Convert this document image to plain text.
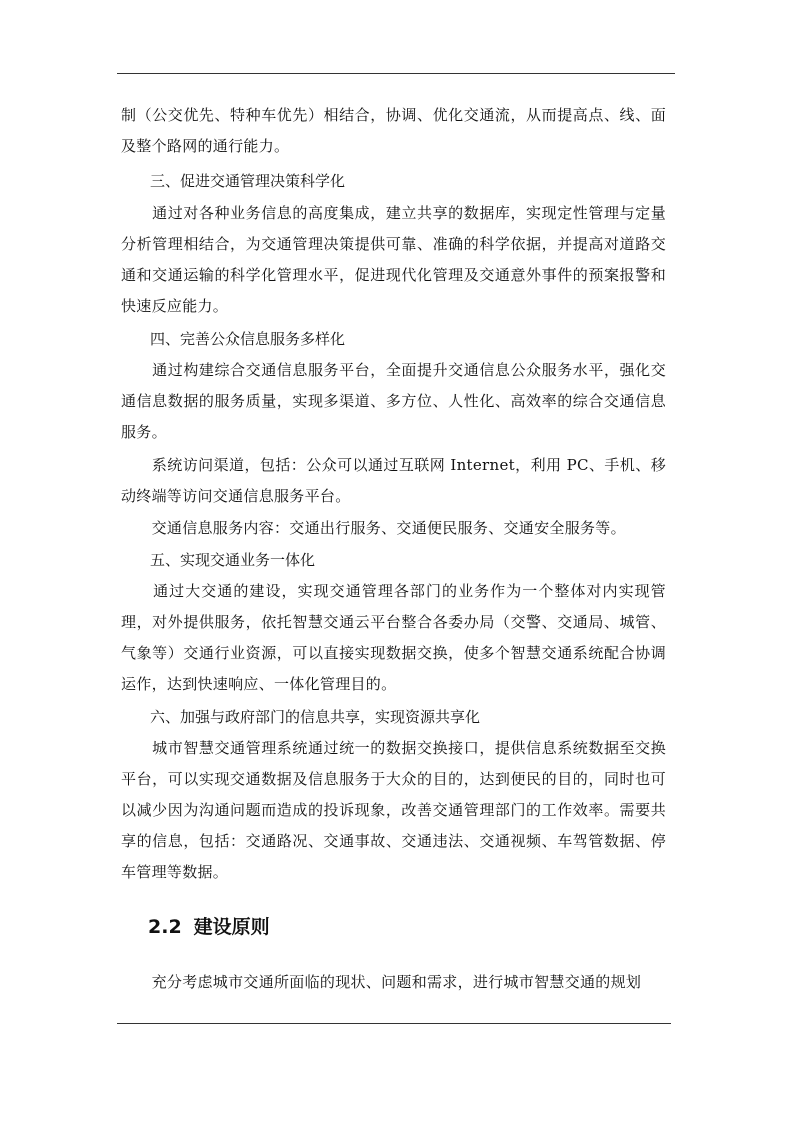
制（公交优先、特种车优先）相结合，协调、优化交通流，从而提高点、线、面及整个路网的通行能力。

三、促进交通管理决策科学化

　　通过对各种业务信息的高度集成，建立共享的数据库，实现定性管理与定量分析管理相结合，为交通管理决策提供可靠、准确的科学依据，并提高对道路交通和交通运输的科学化管理水平，促进现代化管理及交通意外事件的预案报警和快速反应能力。

四、完善公众信息服务多样化

　　通过构建综合交通信息服务平台，全面提升交通信息公众服务水平，强化交通信息数据的服务质量，实现多渠道、多方位、人性化、高效率的综合交通信息服务。

　　系统访问渠道，包括：公众可以通过互联网 Internet，利用 PC、手机、移动终端等访问交通信息服务平台。

　　交通信息服务内容：交通出行服务、交通便民服务、交通安全服务等。

五、实现交通业务一体化

　　通过大交通的建设，实现交通管理各部门的业务作为一个整体对内实现管理，对外提供服务，依托智慧交通云平台整合各委办局（交警、交通局、城管、气象等）交通行业资源，可以直接实现数据交换，使多个智慧交通系统配合协调运作，达到快速响应、一体化管理目的。

六、加强与政府部门的信息共享，实现资源共享化

　　城市智慧交通管理系统通过统一的数据交换接口，提供信息系统数据至交换平台，可以实现交通数据及信息服务于大众的目的，达到便民的目的，同时也可以减少因为沟通问题而造成的投诉现象，改善交通管理部门的工作效率。需要共享的信息，包括：交通路况、交通事故、交通违法、交通视频、车驾管数据、停车管理等数据。

2.2 建设原则

　　充分考虑城市交通所面临的现状、问题和需求，进行城市智慧交通的规划
